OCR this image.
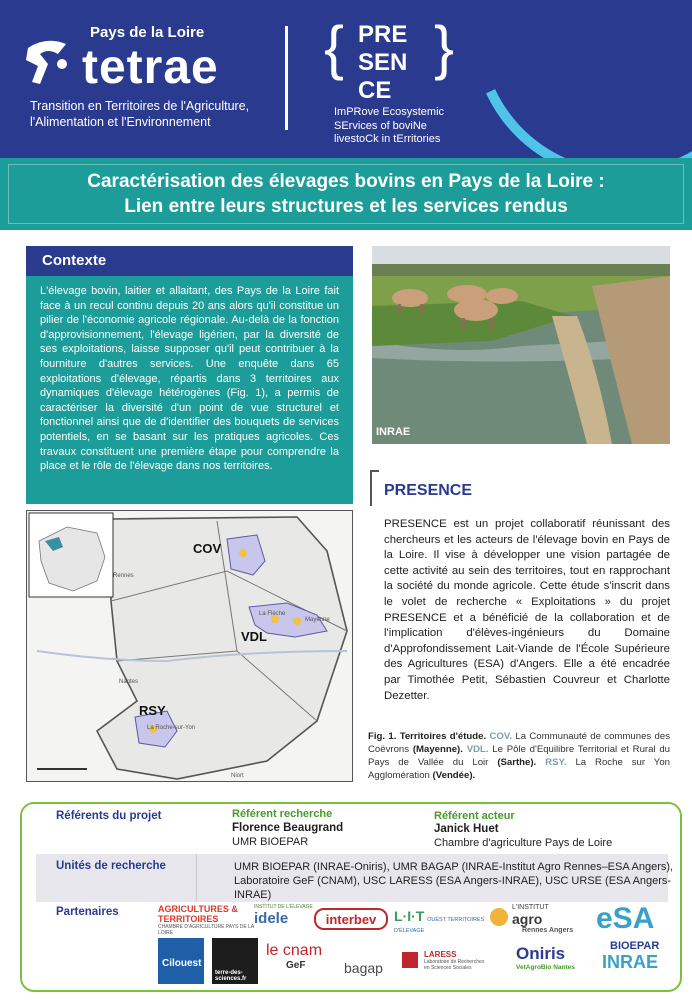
Pays de la Loire
tetrae
Transition en Territoires de l'Agriculture,
l'Alimentation et l'Environnement
{ }
PRE
SEN
CE
ImPRove Ecosystemic
SErvices of boviNe
livestoCk in tErritories
Caractérisation des élevages bovins en Pays de la Loire :
Lien entre leurs structures et les services rendus
Contexte
L'élevage bovin, laitier et allaitant, des Pays de la Loire fait face à un recul continu depuis 20 ans alors qu'il constitue un pilier de l'économie agricole régionale. Au-delà de la fonction d'approvisionnement, l'élevage ligérien, par la diversité de ses exploitations, laisse supposer qu'il peut contribuer à la fourniture d'autres services. Une enquête dans 65 exploitations d'élevage, répartis dans 3 territoires aux dynamiques d'élevage hétérogènes (Fig. 1), a permis de caractériser la diversité d'un point de vue structurel et fonctionnel ainsi que de d'identifier des bouquets de services potentiels, en se basant sur les pratiques agricoles. Ces travaux constituent une première étape pour comprendre la place et le rôle de l'élevage dans nos territoires.
INRAE
PRESENCE
PRESENCE est un projet collaboratif réunissant des chercheurs et les acteurs de l'élevage bovin en Pays de la Loire. Il vise à développer une vision partagée de cette activité au sein des territoires, tout en rapprochant la société du monde agricole. Cette étude s'inscrit dans le volet de recherche « Exploitations » du projet PRESENCE et a bénéficié de la collaboration et de l'implication d'élèves-ingénieurs du Domaine d'Approfondissement Lait-Viande de l'École Supérieure des Agricultures (ESA) d'Angers. Elle a été encadrée par Timothée Petit, Sébastien Couvreur et Charlotte Dezetter.
COV
VDL
RSY
Rennes
Nantes
La Flèche
Mayenne
La Roche-sur-Yon
Niort
Fig. 1. Territoires d'étude. COV. La Communauté de communes des Coëvrons (Mayenne). VDL. Le Pôle d'Equilibre Territorial et Rural du Pays de Vallée du Loir (Sarthe). RSY. La Roche sur Yon Agglomération (Vendée).
Référents du projet	Référent recherche
Florence Beaugrand
UMR BIOEPAR
Référent acteur
Janick Huet
Chambre d'agriculture Pays de Loire
Unités de recherche	UMR BIOEPAR (INRAE-Oniris), UMR BAGAP (INRAE-Institut Agro Rennes–ESA Angers), Laboratoire GeF (CNAM), USC LARESS (ESA Angers-INRAE), USC URSE (ESA Angers-INRAE)
Partenaires	AGRICULTURES & TERRITOIRES
CHAMBRE D'AGRICULTURE PAYS DE LA LOIRE
INSTITUT DE L'ÉLEVAGE
idele	interbev	L·I·T OUEST TERRITOIRES D'ÉLEVAGE
L'INSTITUT
agro
Rennes Angers eSA
Cilouest
terre-des-sciences.fr
le cnam
GeF	bagap
LARESS
Laboratoire de Recherches en Sciences Sociales
Oniris
VetAgroBio Nantes
BIOEPAR
INRAE
